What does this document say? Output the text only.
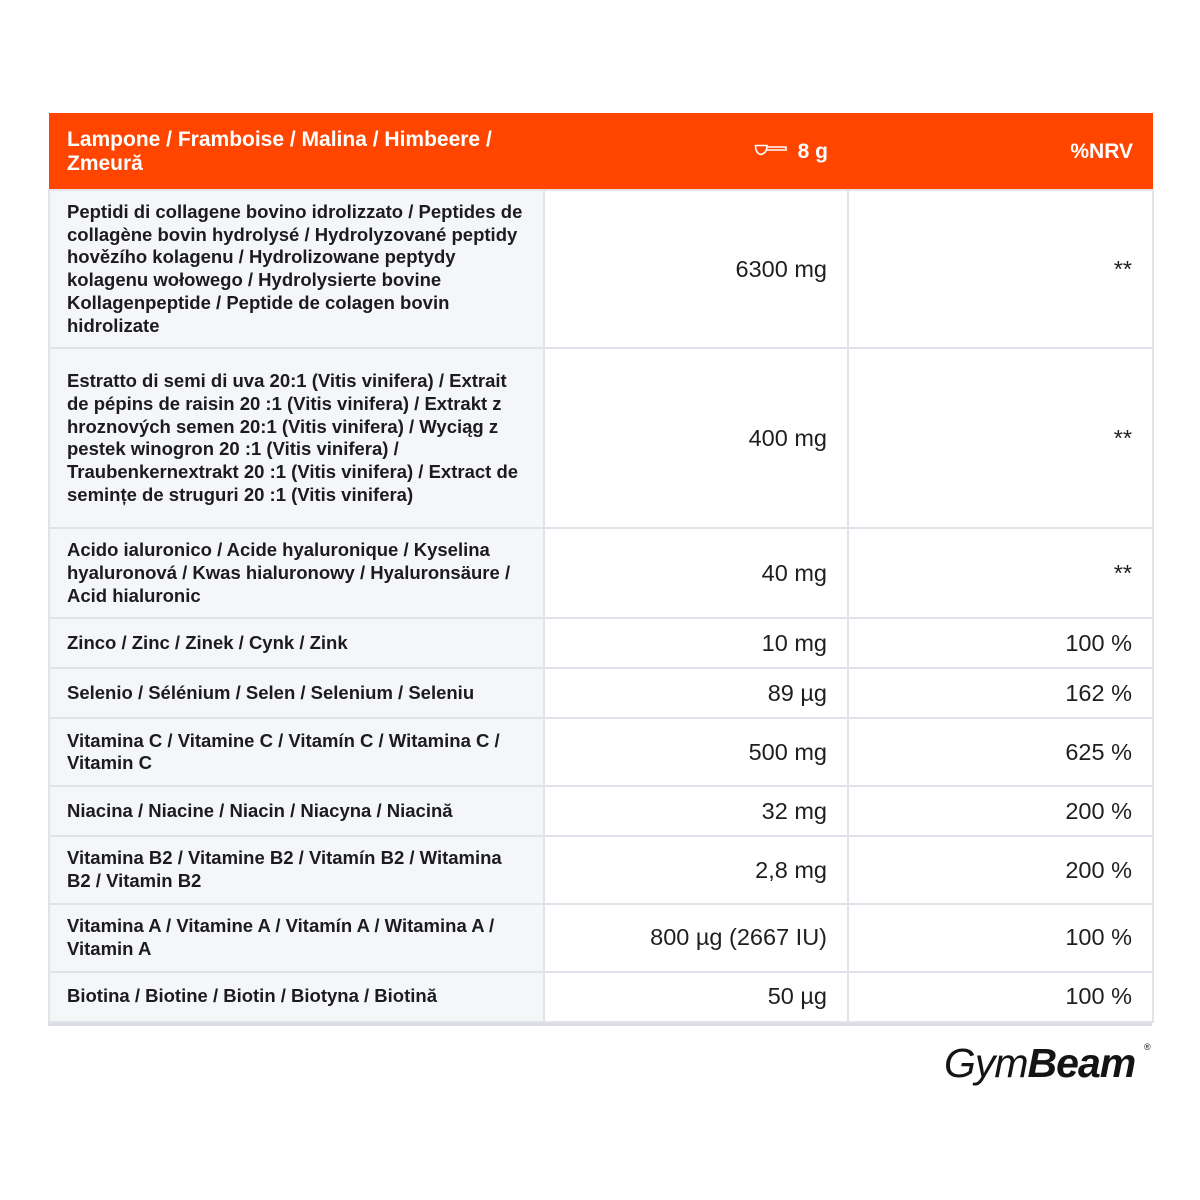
Lampone / Framboise / Malina / Himbeere / Zmeură	8 g	%NRV
Peptidi di collagene bovino idrolizzato / Peptides de collagène bovin hydrolysé / Hydrolyzované peptidy hovězího kolagenu / Hydrolizowane peptydy kolagenu wołowego / Hydrolysierte bovine Kollagenpeptide / Peptide de colagen bovin hidrolizate	6300 mg	**
Estratto di semi di uva 20:1 (Vitis vinifera) / Extrait de pépins de raisin 20 :1 (Vitis vinifera) / Extrakt z hroznových semen 20:1 (Vitis vinifera) / Wyciąg z pestek winogron 20 :1 (Vitis vinifera) / Traubenkernextrakt 20 :1 (Vitis vinifera) / Extract de semințe de struguri 20 :1 (Vitis vinifera)	400 mg	**
Acido ialuronico / Acide hyaluronique / Kyselina hyaluronová / Kwas hialuronowy / Hyaluronsäure / Acid hialuronic	40 mg	**
Zinco / Zinc / Zinek / Cynk / Zink	10 mg	100 %
Selenio / Sélénium / Selen / Selenium / Seleniu	89 µg	162 %
Vitamina C / Vitamine C / Vitamín C / Witamina C / Vitamin C	500 mg	625 %
Niacina / Niacine / Niacin / Niacyna / Niacină	32 mg	200 %
Vitamina B2 / Vitamine B2 / Vitamín B2 / Witamina B2 / Vitamin B2	2,8 mg	200 %
Vitamina A / Vitamine A / Vitamín A / Witamina A / Vitamin A	800 µg (2667 IU)	100 %
Biotina / Biotine / Biotin / Biotyna / Biotină	50 µg	100 %
GymBeam ®
